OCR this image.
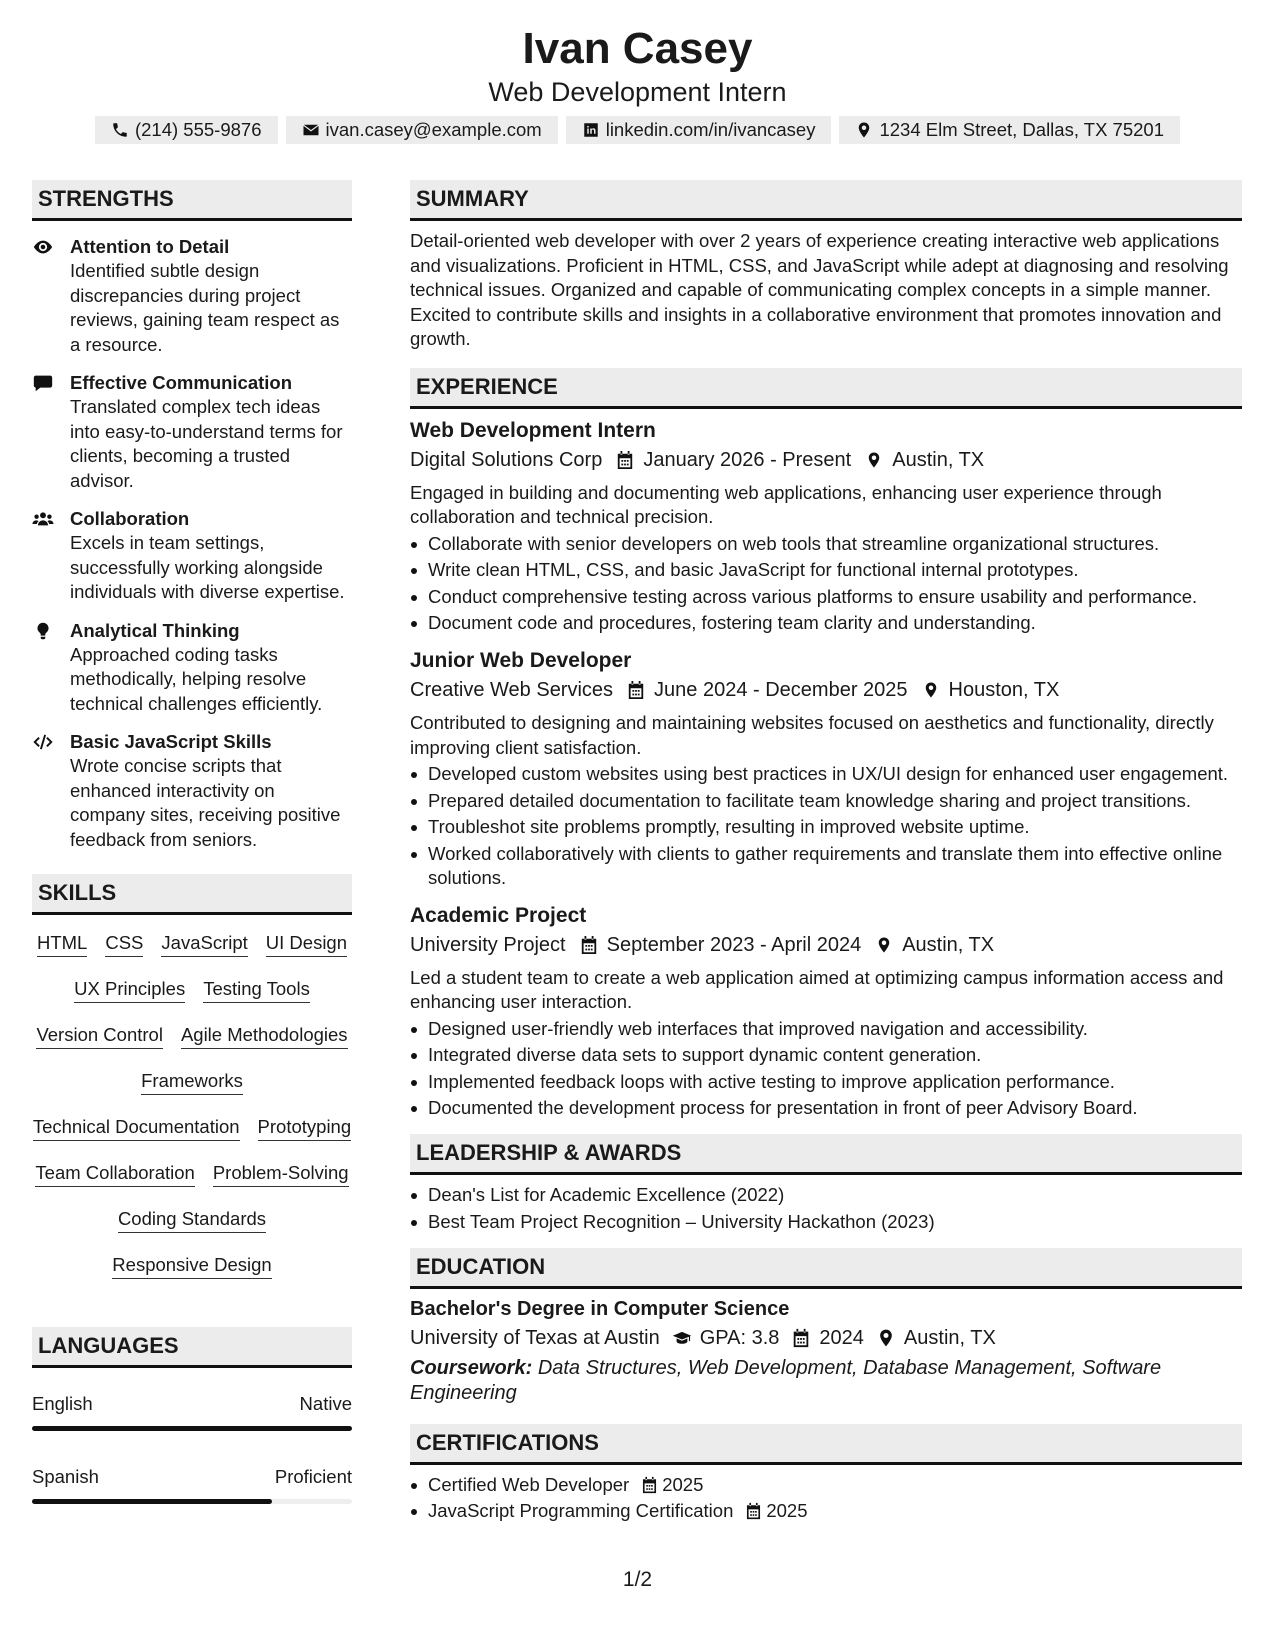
Ivan Casey
Web Development Intern
(214) 555-9876	ivan.casey@example.com	linkedin.com/in/ivancasey	1234 Elm Street, Dallas, TX 75201
STRENGTHS
Attention to Detail
Identified subtle design discrepancies during project reviews, gaining team respect as a resource.
Effective Communication
Translated complex tech ideas into easy-to-understand terms for clients, becoming a trusted advisor.
Collaboration
Excels in team settings, successfully working alongside individuals with diverse expertise.
Analytical Thinking
Approached coding tasks methodically, helping resolve technical challenges efficiently.
Basic JavaScript Skills
Wrote concise scripts that enhanced interactivity on company sites, receiving positive feedback from seniors.
SKILLS
HTML CSS JavaScript UI Design
UX Principles Testing Tools
Version Control Agile Methodologies
Frameworks
Technical Documentation Prototyping
Team Collaboration Problem-Solving
Coding Standards
Responsive Design
LANGUAGES
English	Native
Spanish	Proficient
SUMMARY
Detail-oriented web developer with over 2 years of experience creating interactive web applications and visualizations. Proficient in HTML, CSS, and JavaScript while adept at diagnosing and resolving technical issues. Organized and capable of communicating complex concepts in a simple manner. Excited to contribute skills and insights in a collaborative environment that promotes innovation and growth.
EXPERIENCE
Web Development Intern
Digital Solutions Corp January 2026 - Present Austin, TX
Engaged in building and documenting web applications, enhancing user experience through collaboration and technical precision.
Collaborate with senior developers on web tools that streamline organizational structures.
Write clean HTML, CSS, and basic JavaScript for functional internal prototypes.
Conduct comprehensive testing across various platforms to ensure usability and performance.
Document code and procedures, fostering team clarity and understanding.
Junior Web Developer
Creative Web Services June 2024 - December 2025 Houston, TX
Contributed to designing and maintaining websites focused on aesthetics and functionality, directly improving client satisfaction.
Developed custom websites using best practices in UX/UI design for enhanced user engagement.
Prepared detailed documentation to facilitate team knowledge sharing and project transitions.
Troubleshot site problems promptly, resulting in improved website uptime.
Worked collaboratively with clients to gather requirements and translate them into effective online solutions.
Academic Project
University Project September 2023 - April 2024 Austin, TX
Led a student team to create a web application aimed at optimizing campus information access and enhancing user interaction.
Designed user-friendly web interfaces that improved navigation and accessibility.
Integrated diverse data sets to support dynamic content generation.
Implemented feedback loops with active testing to improve application performance.
Documented the development process for presentation in front of peer Advisory Board.
LEADERSHIP & AWARDS
Dean's List for Academic Excellence (2022)
Best Team Project Recognition – University Hackathon (2023)
EDUCATION
Bachelor's Degree in Computer Science
University of Texas at Austin GPA: 3.8 2024 Austin, TX
Coursework: Data Structures, Web Development, Database Management, Software Engineering
CERTIFICATIONS
Certified Web Developer 2025
JavaScript Programming Certification 2025
1/2
